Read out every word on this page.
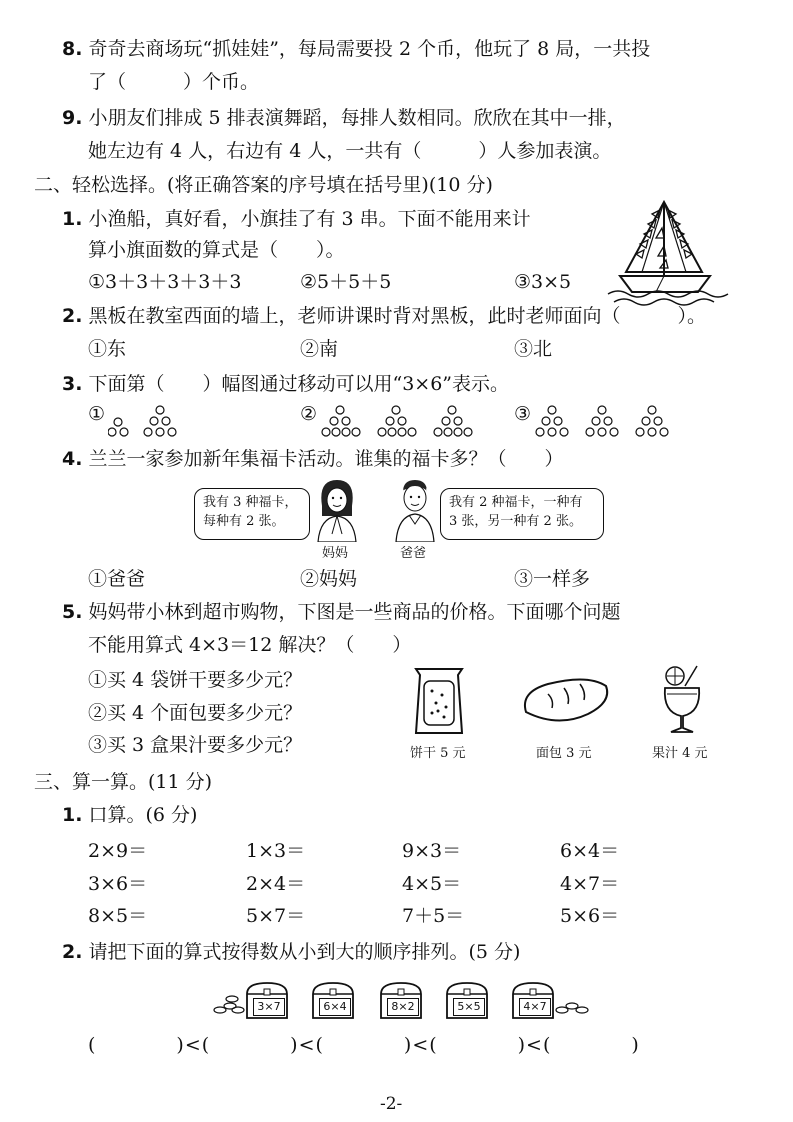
8. 奇奇去商场玩“抓娃娃”，每局需要投 2 个币，他玩了 8 局，一共投
了（　　　）个币。
9. 小朋友们排成 5 排表演舞蹈，每排人数相同。欣欣在其中一排，
她左边有 4 人，右边有 4 人，一共有（　　　）人参加表演。
二、轻松选择。(将正确答案的序号填在括号里)(10 分)
1. 小渔船，真好看，小旗挂了有 3 串。下面不能用来计
算小旗面数的算式是（　　）。
①3＋3＋3＋3＋3	②5＋5＋5	③3×5
2. 黑板在教室西面的墙上，老师讲课时背对黑板，此时老师面向（　　　）。
①东	②南	③北
3. 下面第（　　）幅图通过移动可以用“3×6”表示。
①	②	③
4. 兰兰一家参加新年集福卡活动。谁集的福卡多？（　　）
我有 3 种福卡，
每种有 2 张。
妈妈	爸爸
我有 2 种福卡，一种有
3 张，另一种有 2 张。
①爸爸	②妈妈	③一样多
5. 妈妈带小林到超市购物，下图是一些商品的价格。下面哪个问题
不能用算式 4×3＝12 解决？（　　）
①买 4 袋饼干要多少元？
②买 4 个面包要多少元？
③买 3 盒果汁要多少元？	饼干 5 元	面包 3 元	果汁 4 元
三、算一算。(11 分)
1. 口算。(6 分)
2×9＝	1×3＝	9×3＝	6×4＝
3×6＝	2×4＝	4×5＝	4×7＝
8×5＝	5×7＝	7＋5＝	5×6＝
2. 请把下面的算式按得数从小到大的顺序排列。(5 分)
3×7	6×4	8×2	5×5	4×7
(　　　　)<(　　　　)<(　　　　)<(　　　　)<(　　　　)
-2-
